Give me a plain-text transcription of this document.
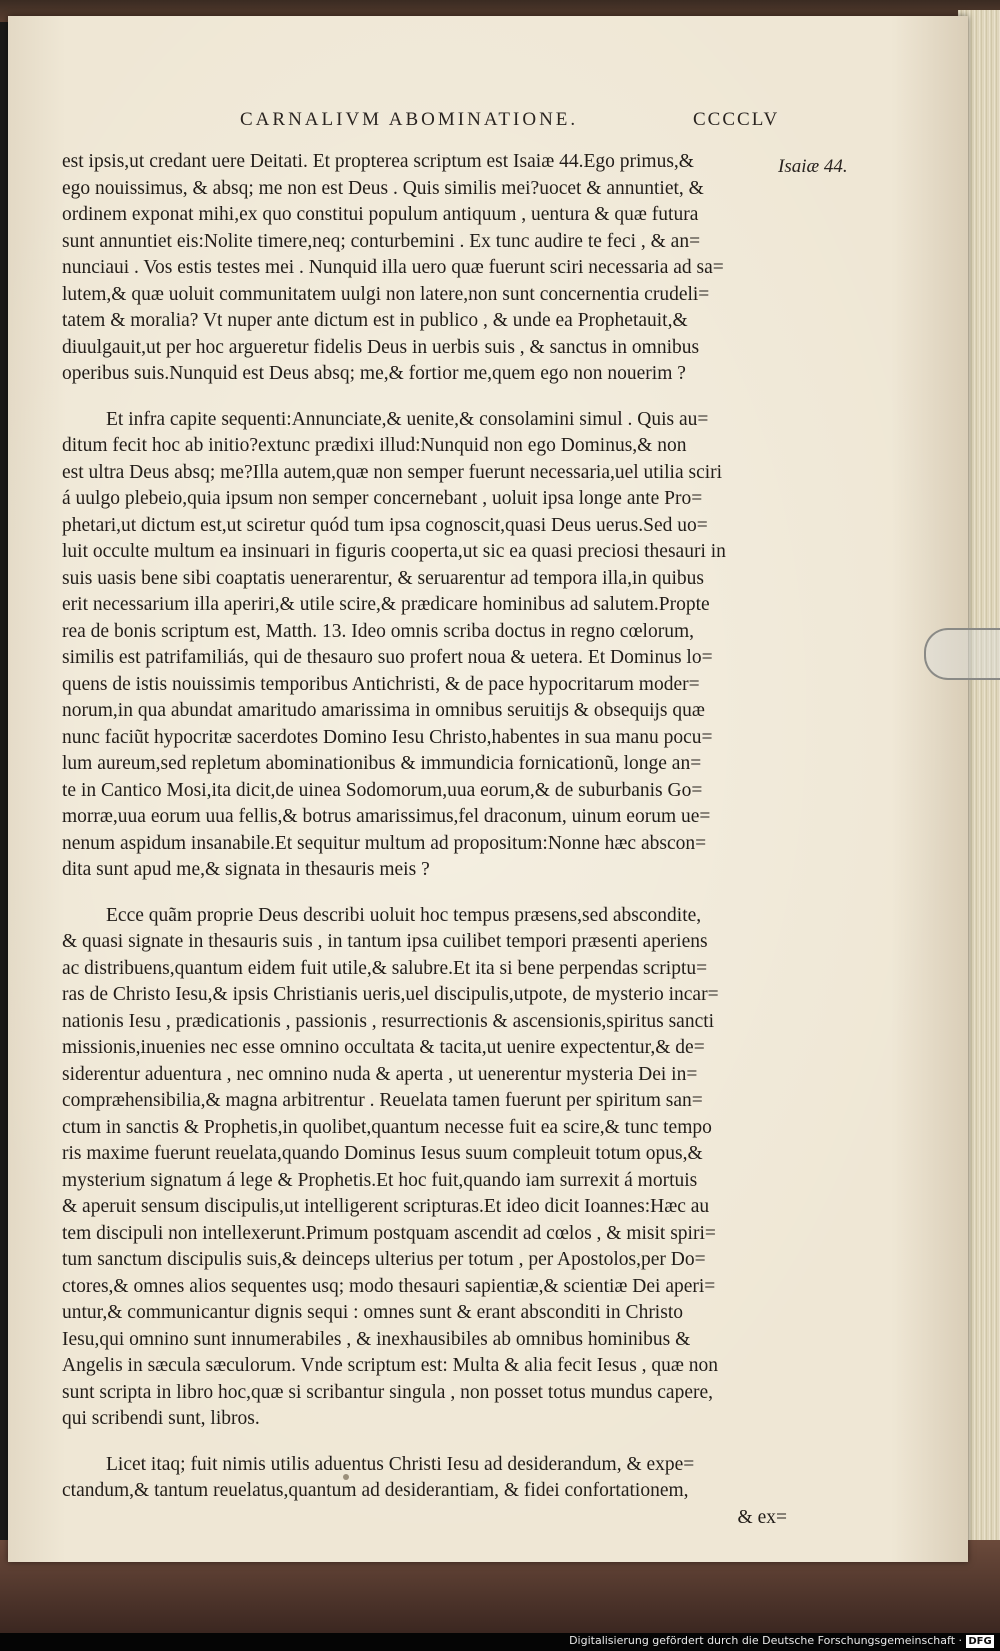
CARNALIVM ABOMINATIONE.	CCCCLV
Isaiæ 44.
est ipsis,ut credant uere Deitati. Et propterea scriptum est Isaiæ 44.Ego primus,&
ego nouissimus, & absq; me non est Deus . Quis similis mei?uocet & annuntiet, &
ordinem exponat mihi,ex quo constitui populum antiquum , uentura & quæ futura
sunt annuntiet eis:Nolite timere,neq; conturbemini . Ex tunc audire te feci , & an=
nunciaui . Vos estis testes mei . Nunquid illa uero quæ fuerunt sciri necessaria ad sa=
lutem,& quæ uoluit communitatem uulgi non latere,non sunt concernentia crudeli=
tatem & moralia? Vt nuper ante dictum est in publico , & unde ea Prophetauit,&
diuulgauit,ut per hoc argueretur fidelis Deus in uerbis suis , & sanctus in omnibus
operibus suis.Nunquid est Deus absq; me,& fortior me,quem ego non nouerim ?
Et infra capite sequenti:Annunciate,& uenite,& consolamini simul . Quis au=
ditum fecit hoc ab initio?extunc prædixi illud:Nunquid non ego Dominus,& non
est ultra Deus absq; me?Illa autem,quæ non semper fuerunt necessaria,uel utilia sciri
á uulgo plebeio,quia ipsum non semper concernebant , uoluit ipsa longe ante Pro=
phetari,ut dictum est,ut sciretur quód tum ipsa cognoscit,quasi Deus uerus.Sed uo=
luit occulte multum ea insinuari in figuris cooperta,ut sic ea quasi preciosi thesauri in
suis uasis bene sibi coaptatis uenerarentur, & seruarentur ad tempora illa,in quibus
erit necessarium illa aperiri,& utile scire,& prædicare hominibus ad salutem.Propte
rea de bonis scriptum est, Matth. 13. Ideo omnis scriba doctus in regno cœlorum,
similis est patrifamiliás, qui de thesauro suo profert noua & uetera. Et Dominus lo=
quens de istis nouissimis temporibus Antichristi, & de pace hypocritarum moder=
norum,in qua abundat amaritudo amarissima in omnibus seruitijs & obsequijs quæ
nunc faciũt hypocritæ sacerdotes Domino Iesu Christo,habentes in sua manu pocu=
lum aureum,sed repletum abominationibus & immundicia fornicationũ, longe an=
te in Cantico Mosi,ita dicit,de uinea Sodomorum,uua eorum,& de suburbanis Go=
morræ,uua eorum uua fellis,& botrus amarissimus,fel draconum, uinum eorum ue=
nenum aspidum insanabile.Et sequitur multum ad propositum:Nonne hæc abscon=
dita sunt apud me,& signata in thesauris meis ?
Ecce quãm proprie Deus describi uoluit hoc tempus præsens,sed abscondite,
& quasi signate in thesauris suis , in tantum ipsa cuilibet tempori præsenti aperiens
ac distribuens,quantum eidem fuit utile,& salubre.Et ita si bene perpendas scriptu=
ras de Christo Iesu,& ipsis Christianis ueris,uel discipulis,utpote, de mysterio incar=
nationis Iesu , prædicationis , passionis , resurrectionis & ascensionis,spiritus sancti
missionis,inuenies nec esse omnino occultata & tacita,ut uenire expectentur,& de=
siderentur aduentura , nec omnino nuda & aperta , ut uenerentur mysteria Dei in=
compræhensibilia,& magna arbitrentur . Reuelata tamen fuerunt per spiritum san=
ctum in sanctis & Prophetis,in quolibet,quantum necesse fuit ea scire,& tunc tempo
ris maxime fuerunt reuelata,quando Dominus Iesus suum compleuit totum opus,&
mysterium signatum á lege & Prophetis.Et hoc fuit,quando iam surrexit á mortuis
& aperuit sensum discipulis,ut intelligerent scripturas.Et ideo dicit Ioannes:Hæc au
tem discipuli non intellexerunt.Primum postquam ascendit ad cœlos , & misit spiri=
tum sanctum discipulis suis,& deinceps ulterius per totum , per Apostolos,per Do=
ctores,& omnes alios sequentes usq; modo thesauri sapientiæ,& scientiæ Dei aperi=
untur,& communicantur dignis sequi : omnes sunt & erant absconditi in Christo
Iesu,qui omnino sunt innumerabiles , & inexhausibiles ab omnibus hominibus &
Angelis in sæcula sæculorum. Vnde scriptum est: Multa & alia fecit Iesus , quæ non
sunt scripta in libro hoc,quæ si scribantur singula , non posset totus mundus capere,
qui scribendi sunt, libros.
Licet itaq; fuit nimis utilis aduentus Christi Iesu ad desiderandum, & expe=
ctandum,& tantum reuelatus,quantum ad desiderantiam, & fidei confortationem,
& ex=
Digitalisierung gefördert durch die Deutsche Forschungsgemeinschaft · DFG
